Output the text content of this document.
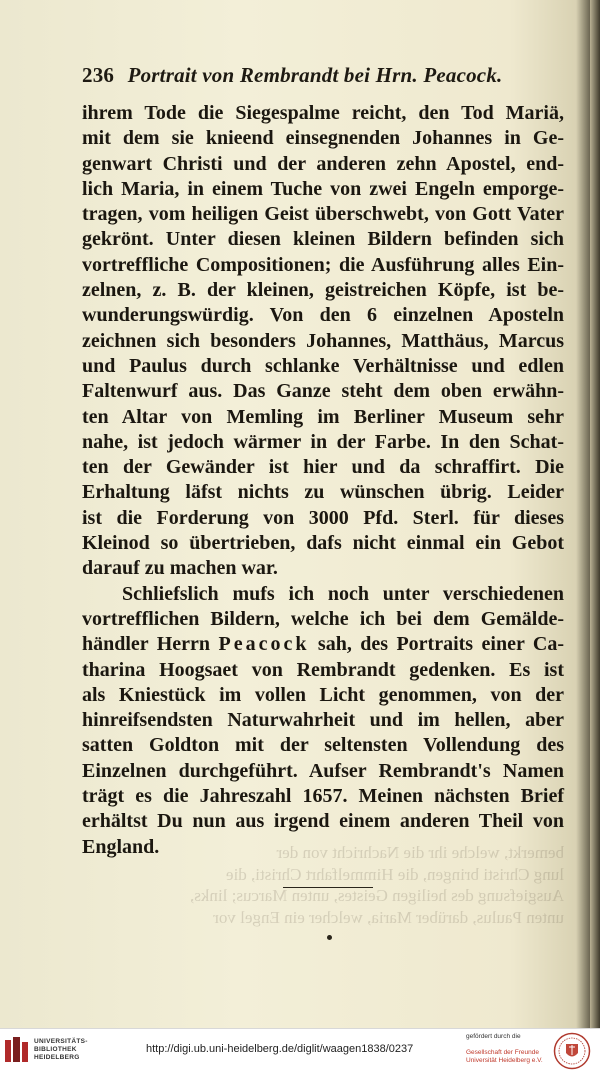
236 Portrait von Rembrandt bei Hrn. Peacock.
bemerkt, welche ihr die Nachricht von der
lung Christi bringen, die Himmelfahrt Christi, die
Ausgiefsung des heiligen Geistes, unten Marcus; links,
unten Paulus, darüber Maria, welcher ein Engel vor
ihrem Tode die Siegespalme reicht, den Tod Mariä,
mit dem sie knieend einsegnenden Johannes in Ge-
genwart Christi und der anderen zehn Apostel, end-
lich Maria, in einem Tuche von zwei Engeln emporge-
tragen, vom heiligen Geist überschwebt, von Gott Vater
gekrönt. Unter diesen kleinen Bildern befinden sich
vortreffliche Compositionen; die Ausführung alles Ein-
zelnen, z. B. der kleinen, geistreichen Köpfe, ist be-
wunderungswürdig. Von den 6 einzelnen Aposteln
zeichnen sich besonders Johannes, Matthäus, Marcus
und Paulus durch schlanke Verhältnisse und edlen
Faltenwurf aus. Das Ganze steht dem oben erwähn-
ten Altar von Memling im Berliner Museum sehr
nahe, ist jedoch wärmer in der Farbe. In den Schat-
ten der Gewänder ist hier und da schraffirt. Die
Erhaltung läfst nichts zu wünschen übrig. Leider
ist die Forderung von 3000 Pfd. Sterl. für dieses
Kleinod so übertrieben, dafs nicht einmal ein Gebot
darauf zu machen war.
Schliefslich mufs ich noch unter verschiedenen
vortrefflichen Bildern, welche ich bei dem Gemälde-
händler Herrn Peacock sah, des Portraits einer Ca-
tharina Hoogsaet von Rembrandt gedenken. Es ist
als Kniestück im vollen Licht genommen, von der
hinreifsendsten Naturwahrheit und im hellen, aber
satten Goldton mit der seltensten Vollendung des
Einzelnen durchgeführt. Aufser Rembrandt's Namen
trägt es die Jahreszahl 1657. Meinen nächsten Brief
erhältst Du nun aus irgend einem anderen Theil von
England.
UNIVERSITÄTS-
BIBLIOTHEK
HEIDELBERG
http://digi.ub.uni-heidelberg.de/diglit/waagen1838/0237
gefördert durch die
Gesellschaft der Freunde
Universität Heidelberg e.V.
